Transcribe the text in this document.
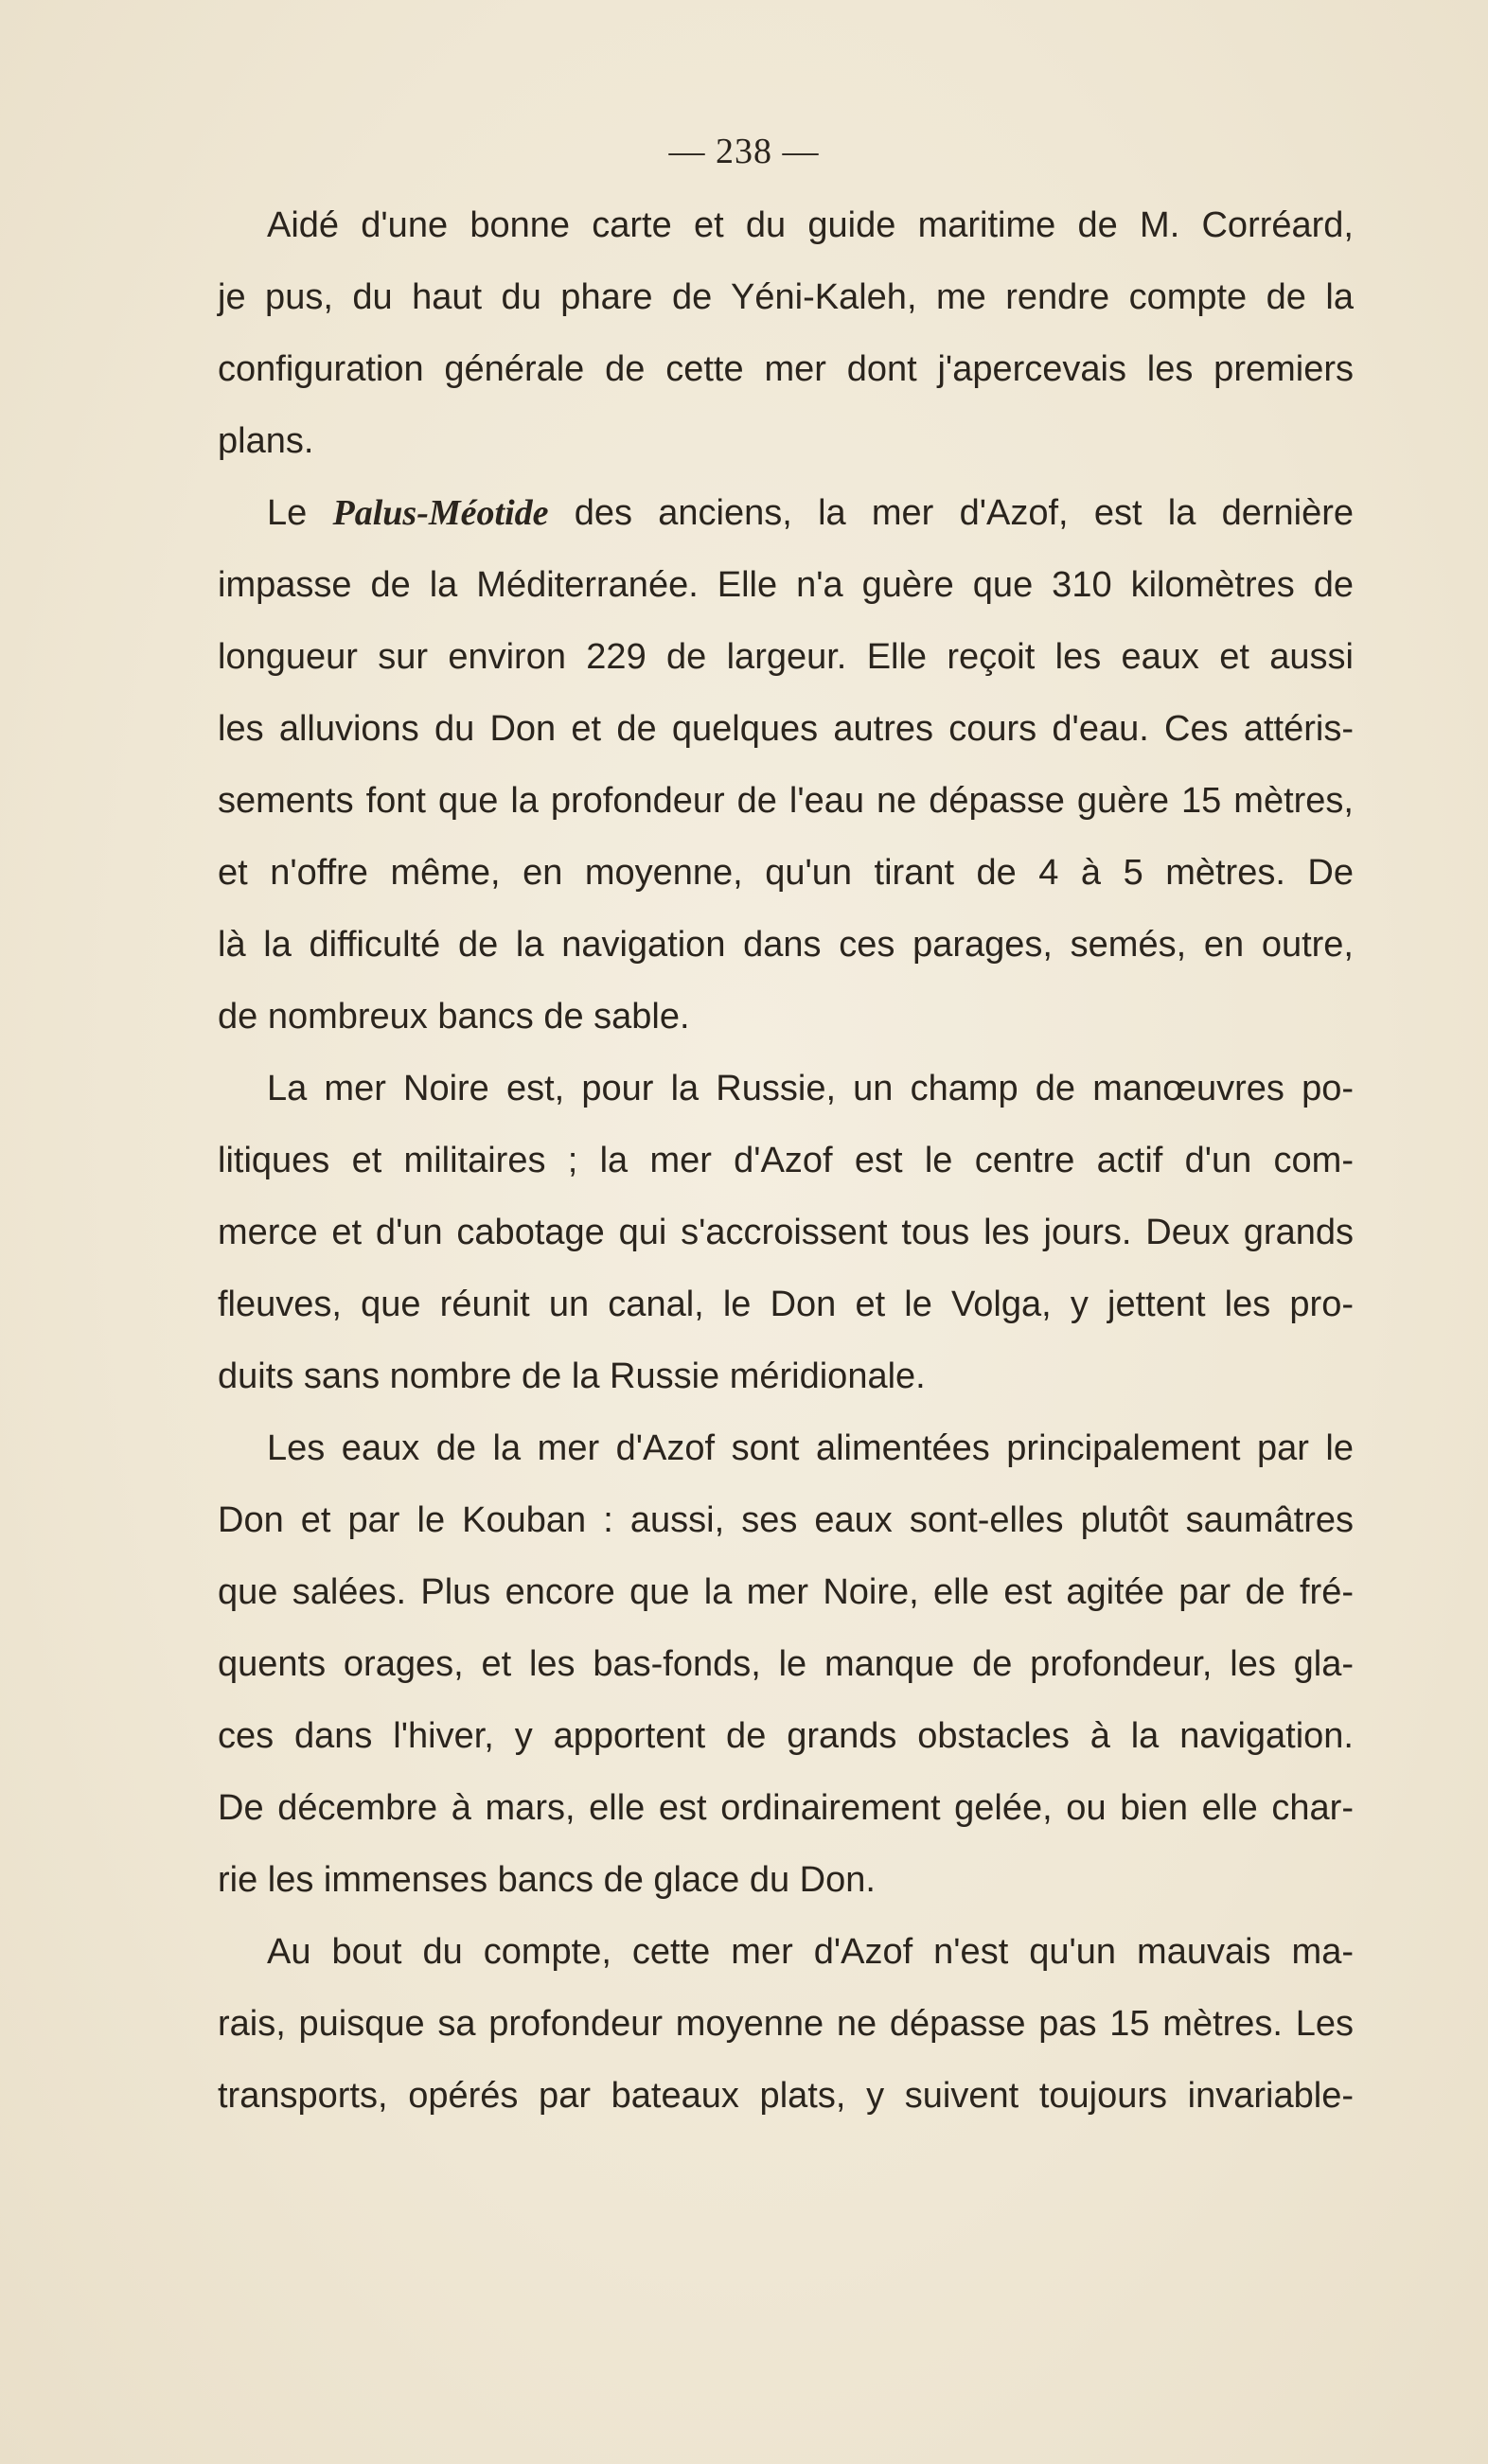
— 238 —
Aidé d'une bonne carte et du guide maritime de M. Corréard,
je pus, du haut du phare de Yéni-Kaleh, me rendre compte de la
configuration générale de cette mer dont j'apercevais les premiers
plans.
Le Palus-Méotide des anciens, la mer d'Azof, est la dernière
impasse de la Méditerranée. Elle n'a guère que 310 kilomètres de
longueur sur environ 229 de largeur. Elle reçoit les eaux et aussi
les alluvions du Don et de quelques autres cours d'eau. Ces attéris-
sements font que la profondeur de l'eau ne dépasse guère 15 mètres,
et n'offre même, en moyenne, qu'un tirant de 4 à 5 mètres. De
là la difficulté de la navigation dans ces parages, semés, en outre,
de nombreux bancs de sable.
La mer Noire est, pour la Russie, un champ de manœuvres po-
litiques et militaires ; la mer d'Azof est le centre actif d'un com-
merce et d'un cabotage qui s'accroissent tous les jours. Deux grands
fleuves, que réunit un canal, le Don et le Volga, y jettent les pro-
duits sans nombre de la Russie méridionale.
Les eaux de la mer d'Azof sont alimentées principalement par le
Don et par le Kouban : aussi, ses eaux sont-elles plutôt saumâtres
que salées. Plus encore que la mer Noire, elle est agitée par de fré-
quents orages, et les bas-fonds, le manque de profondeur, les gla-
ces dans l'hiver, y apportent de grands obstacles à la navigation.
De décembre à mars, elle est ordinairement gelée, ou bien elle char-
rie les immenses bancs de glace du Don.
Au bout du compte, cette mer d'Azof n'est qu'un mauvais ma-
rais, puisque sa profondeur moyenne ne dépasse pas 15 mètres. Les
transports, opérés par bateaux plats, y suivent toujours invariable-
